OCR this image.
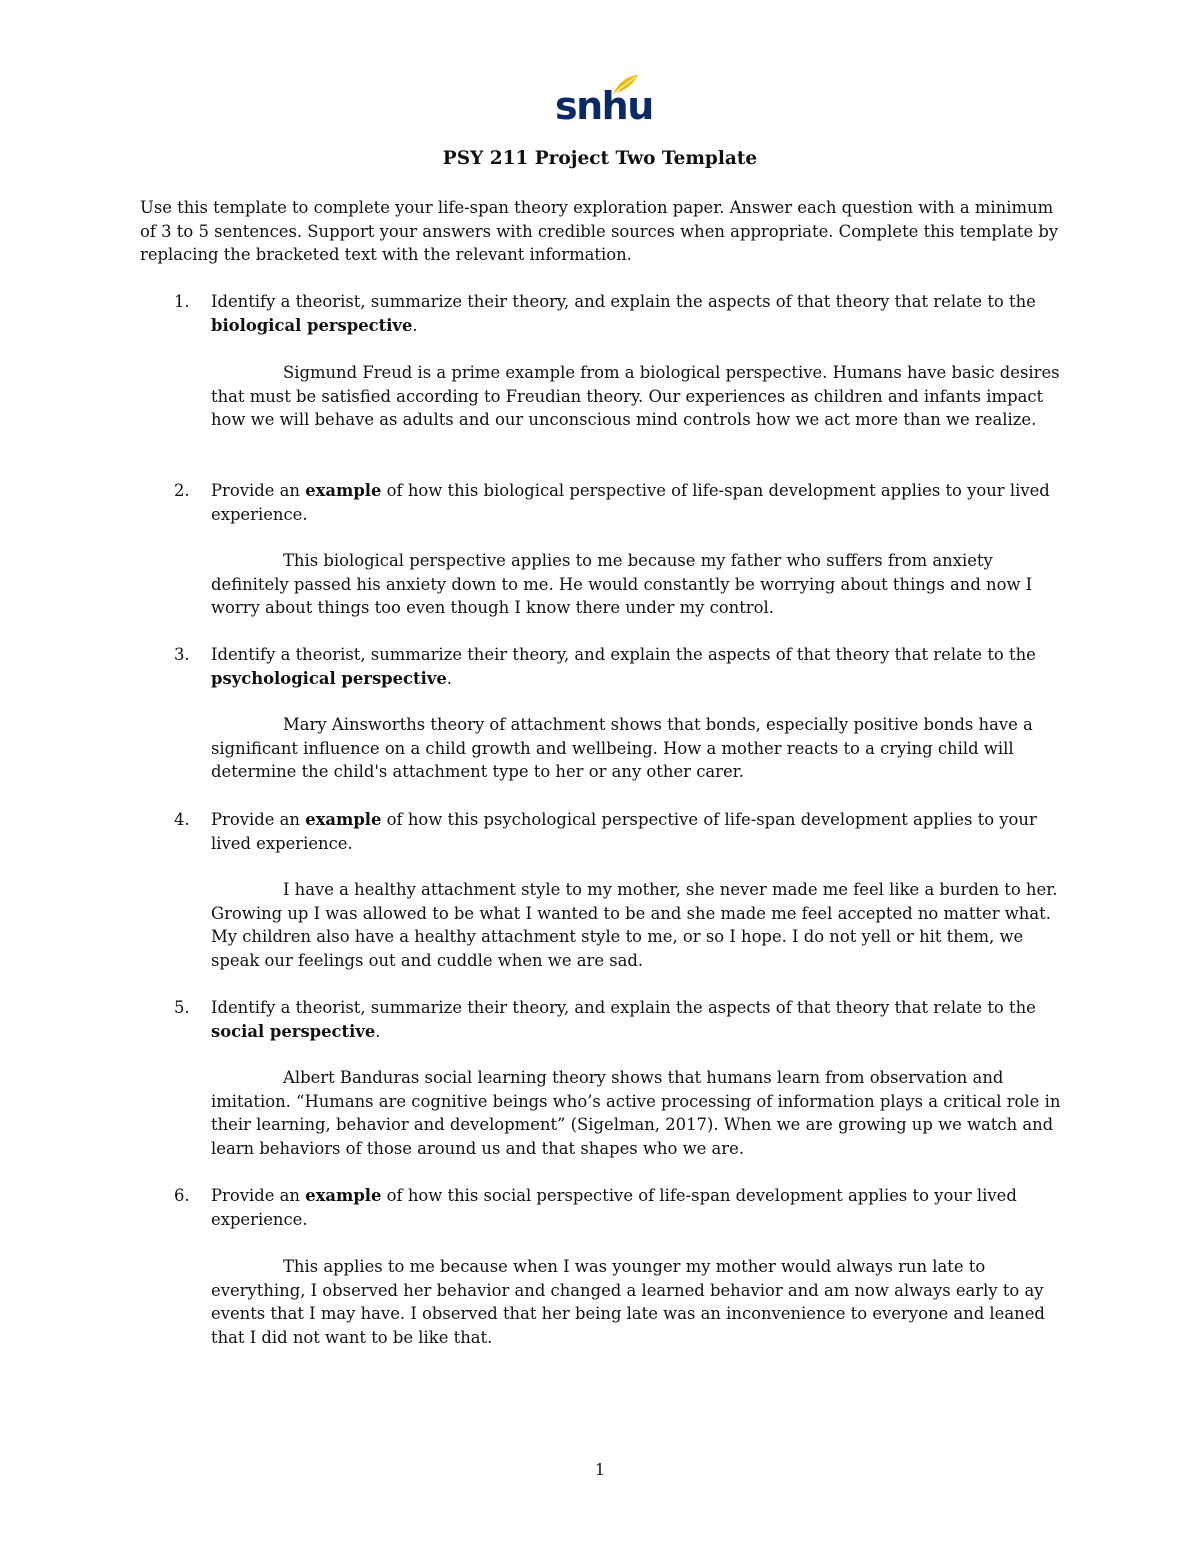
snhu
PSY 211 Project Two Template
Use this template to complete your life-span theory exploration paper. Answer each question with a minimum of 3 to 5 sentences. Support your answers with credible sources when appropriate. Complete this template by replacing the bracketed text with the relevant information.
1.	Identify a theorist, summarize their theory, and explain the aspects of that theory that relate to the biological perspective.
Sigmund Freud is a prime example from a biological perspective. Humans have basic desires that must be satisfied according to Freudian theory. Our experiences as children and infants impact how we will behave as adults and our unconscious mind controls how we act more than we realize.
2.	Provide an example of how this biological perspective of life-span development applies to your lived experience.
This biological perspective applies to me because my father who suffers from anxiety definitely passed his anxiety down to me. He would constantly be worrying about things and now I worry about things too even though I know there under my control.
3.	Identify a theorist, summarize their theory, and explain the aspects of that theory that relate to the psychological perspective.
Mary Ainsworths theory of attachment shows that bonds, especially positive bonds have a significant influence on a child growth and wellbeing. How a mother reacts to a crying child will determine the child's attachment type to her or any other carer.
4.	Provide an example of how this psychological perspective of life-span development applies to your lived experience.
I have a healthy attachment style to my mother, she never made me feel like a burden to her. Growing up I was allowed to be what I wanted to be and she made me feel accepted no matter what. My children also have a healthy attachment style to me, or so I hope. I do not yell or hit them, we speak our feelings out and cuddle when we are sad.
5.	Identify a theorist, summarize their theory, and explain the aspects of that theory that relate to the social perspective.
Albert Banduras social learning theory shows that humans learn from observation and imitation. “Humans are cognitive beings who’s active processing of information plays a critical role in their learning, behavior and development” (Sigelman, 2017). When we are growing up we watch and learn behaviors of those around us and that shapes who we are.
6.	Provide an example of how this social perspective of life-span development applies to your lived experience.
This applies to me because when I was younger my mother would always run late to everything, I observed her behavior and changed a learned behavior and am now always early to ay events that I may have. I observed that her being late was an inconvenience to everyone and leaned that I did not want to be like that.
1
